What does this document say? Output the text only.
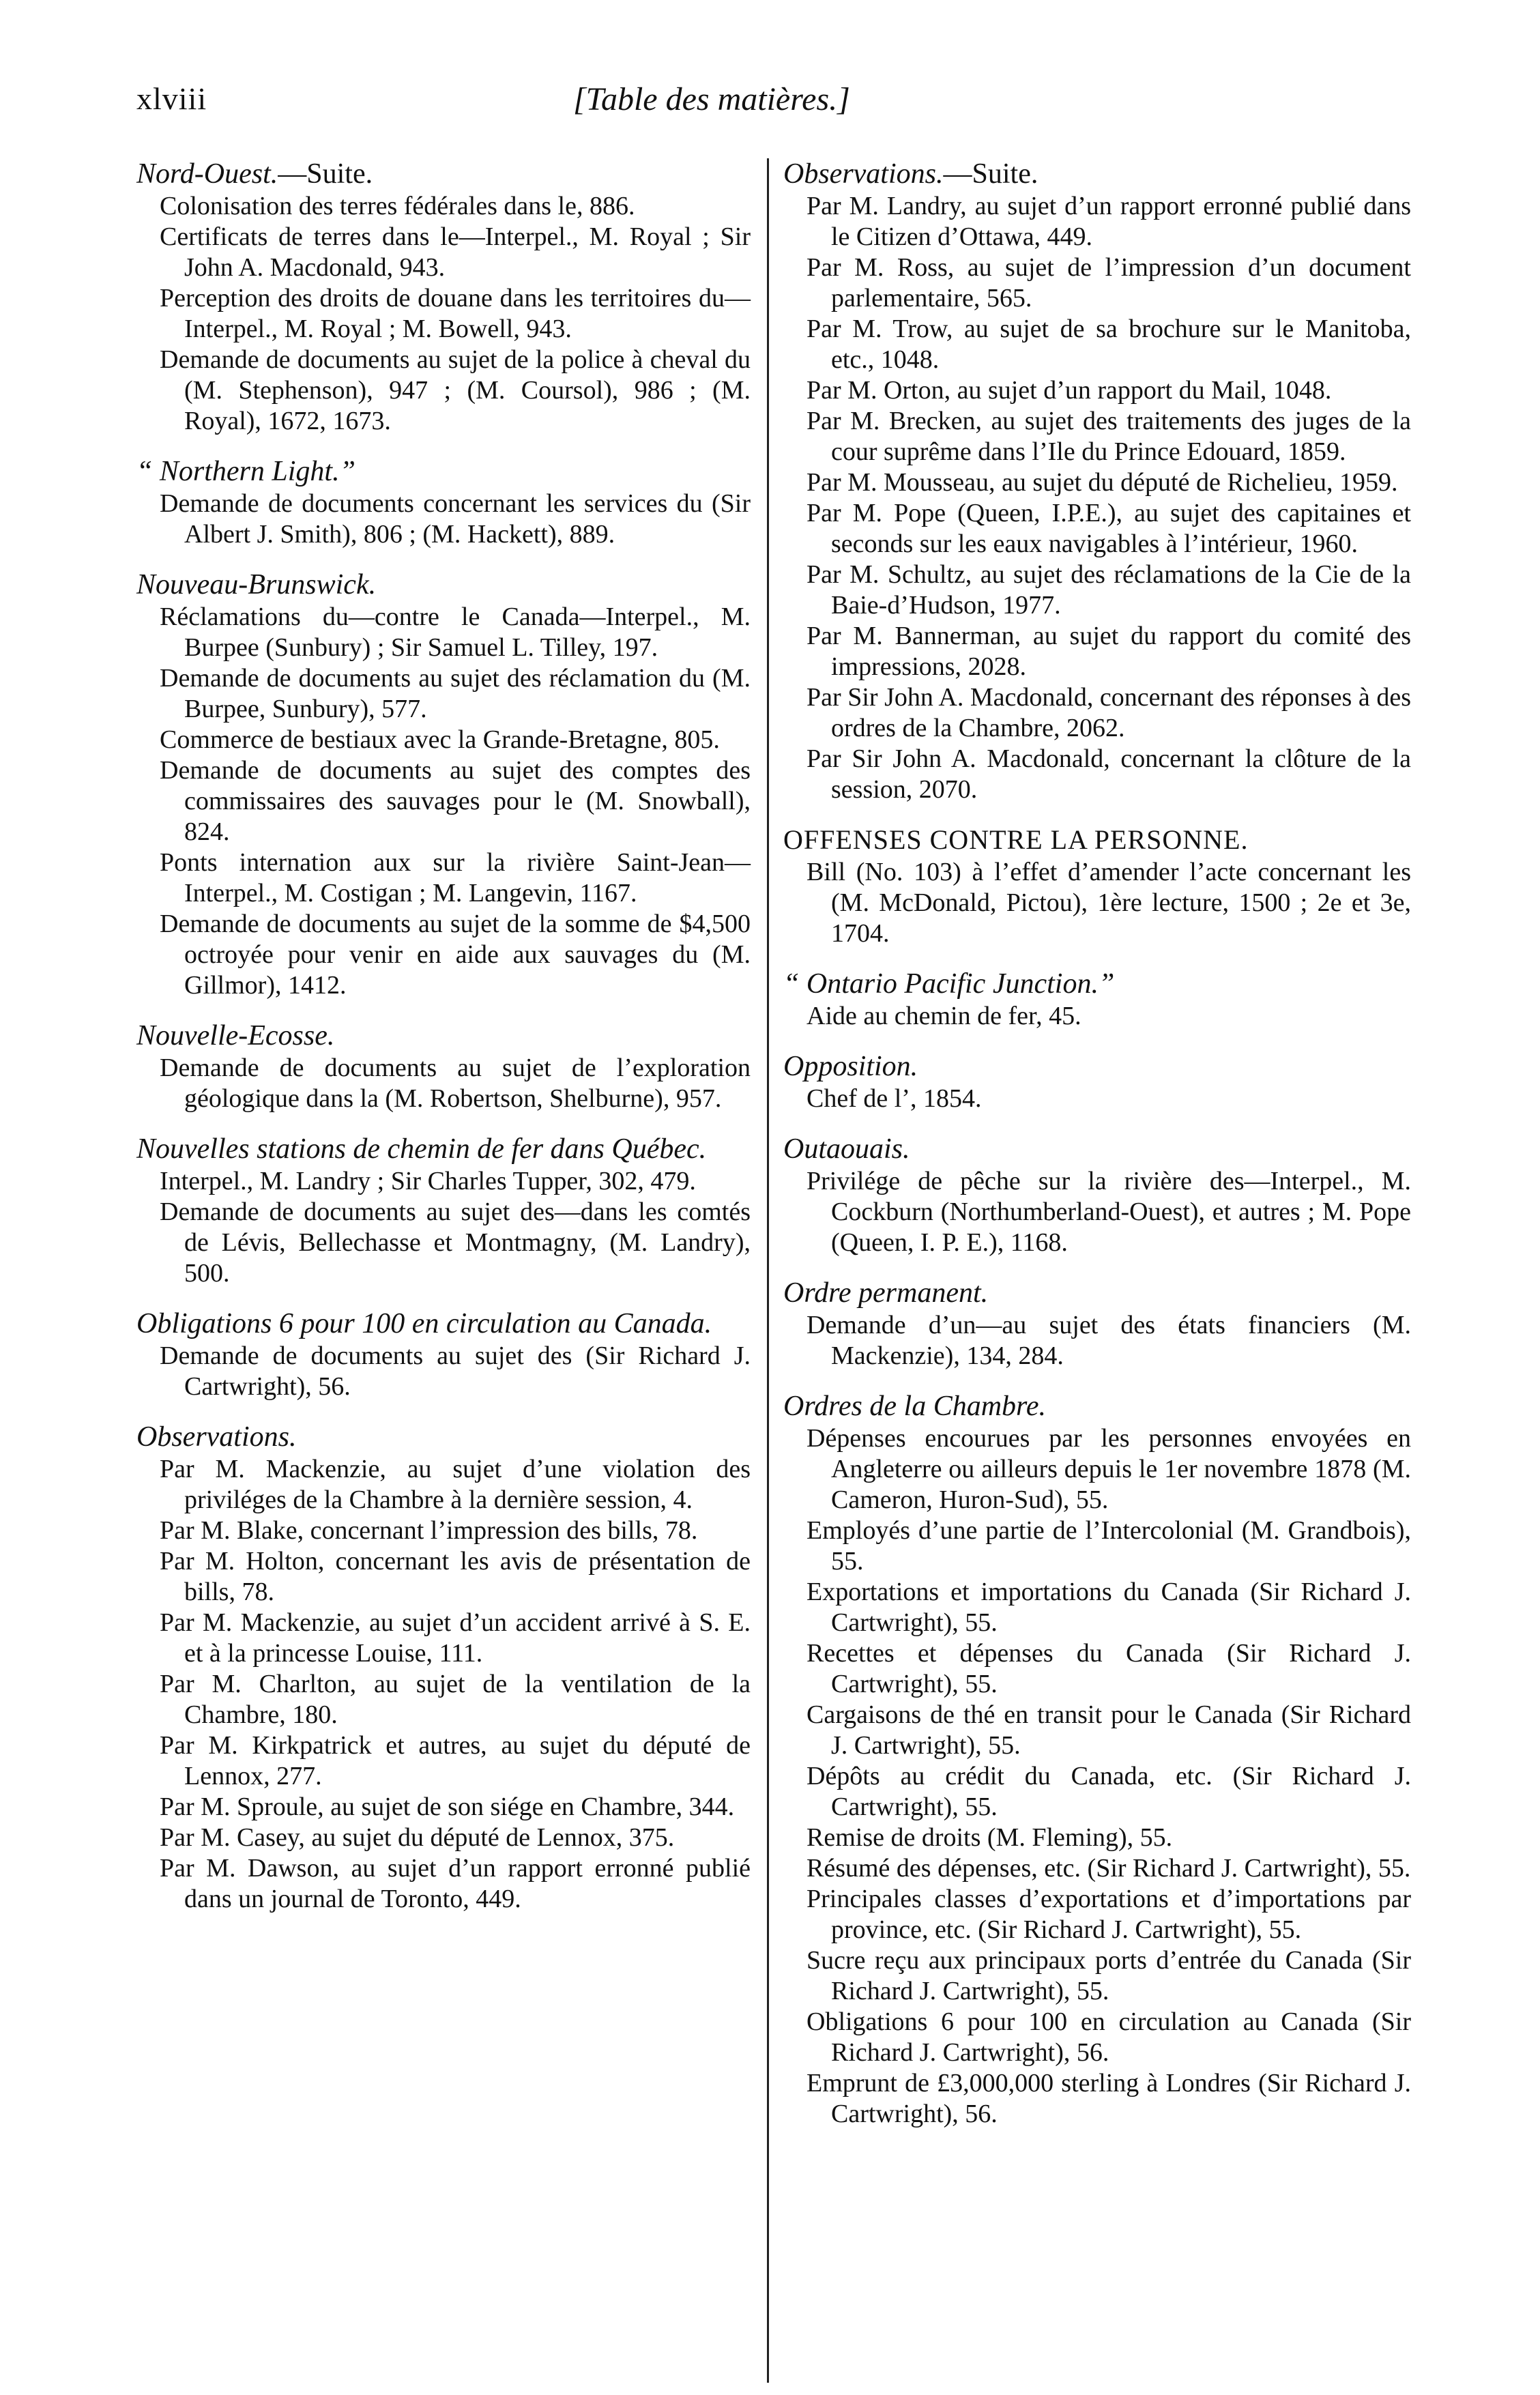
xlviii	[Table des matières.]
Nord-Ouest.—Suite.

Colonisation des terres fédérales dans le, 886.

Certificats de terres dans le—Interpel., M. Royal ; Sir John A. Macdonald, 943.

Perception des droits de douane dans les territoires du—Interpel., M. Royal ; M. Bowell, 943.

Demande de documents au sujet de la police à cheval du (M. Stephenson), 947 ; (M. Coursol), 986 ; (M. Royal), 1672, 1673.

“ Northern Light.”

Demande de documents concernant les services du (Sir Albert J. Smith), 806 ; (M. Hackett), 889.

Nouveau-Brunswick.

Réclamations du—contre le Canada—Interpel., M. Burpee (Sunbury) ; Sir Samuel L. Tilley, 197.

Demande de documents au sujet des réclamation du (M. Burpee, Sunbury), 577.

Commerce de bestiaux avec la Grande-Bretagne, 805.

Demande de documents au sujet des comptes des commissaires des sauvages pour le (M. Snowball), 824.

Ponts internation aux sur la rivière Saint-Jean—Interpel., M. Costigan ; M. Langevin, 1167.

Demande de documents au sujet de la somme de $4,500 octroyée pour venir en aide aux sauvages du (M. Gillmor), 1412.

Nouvelle-Ecosse.

Demande de documents au sujet de l’exploration géologique dans la (M. Robertson, Shelburne), 957.

Nouvelles stations de chemin de fer dans Québec.

Interpel., M. Landry ; Sir Charles Tupper, 302, 479.

Demande de documents au sujet des—dans les comtés de Lévis, Bellechasse et Montmagny, (M. Landry), 500.

Obligations 6 pour 100 en circulation au Canada.

Demande de documents au sujet des (Sir Richard J. Cartwright), 56.

Observations.

Par M. Mackenzie, au sujet d’une violation des priviléges de la Chambre à la dernière session, 4.

Par M. Blake, concernant l’impression des bills, 78.

Par M. Holton, concernant les avis de présentation de bills, 78.

Par M. Mackenzie, au sujet d’un accident arrivé à S. E. et à la princesse Louise, 111.

Par M. Charlton, au sujet de la ventilation de la Chambre, 180.

Par M. Kirkpatrick et autres, au sujet du député de Lennox, 277.

Par M. Sproule, au sujet de son siége en Chambre, 344.

Par M. Casey, au sujet du député de Lennox, 375.

Par M. Dawson, au sujet d’un rapport erronné publié dans un journal de Toronto, 449.

Observations.—Suite.

Par M. Landry, au sujet d’un rapport erronné publié dans le Citizen d’Ottawa, 449.

Par M. Ross, au sujet de l’impression d’un document parlementaire, 565.

Par M. Trow, au sujet de sa brochure sur le Manitoba, etc., 1048.

Par M. Orton, au sujet d’un rapport du Mail, 1048.

Par M. Brecken, au sujet des traitements des juges de la cour suprême dans l’Ile du Prince Edouard, 1859.

Par M. Mousseau, au sujet du député de Richelieu, 1959.

Par M. Pope (Queen, I.P.E.), au sujet des capitaines et seconds sur les eaux navigables à l’intérieur, 1960.

Par M. Schultz, au sujet des réclamations de la Cie de la Baie-d’Hudson, 1977.

Par M. Bannerman, au sujet du rapport du comité des impressions, 2028.

Par Sir John A. Macdonald, concernant des réponses à des ordres de la Chambre, 2062.

Par Sir John A. Macdonald, concernant la clôture de la session, 2070.

OFFENSES CONTRE LA PERSONNE.

Bill (No. 103) à l’effet d’amender l’acte concernant les (M. McDonald, Pictou), 1ère lecture, 1500 ; 2e et 3e, 1704.

“ Ontario Pacific Junction.”

Aide au chemin de fer, 45.

Opposition.

Chef de l’, 1854.

Outaouais.

Privilége de pêche sur la rivière des—Interpel., M. Cockburn (Northumberland-Ouest), et autres ; M. Pope (Queen, I. P. E.), 1168.

Ordre permanent.

Demande d’un—au sujet des états financiers (M. Mackenzie), 134, 284.

Ordres de la Chambre.

Dépenses encourues par les personnes envoyées en Angleterre ou ailleurs depuis le 1er novembre 1878 (M. Cameron, Huron-Sud), 55.

Employés d’une partie de l’Intercolonial (M. Grandbois), 55.

Exportations et importations du Canada (Sir Richard J. Cartwright), 55.

Recettes et dépenses du Canada (Sir Richard J. Cartwright), 55.

Cargaisons de thé en transit pour le Canada (Sir Richard J. Cartwright), 55.

Dépôts au crédit du Canada, etc. (Sir Richard J. Cartwright), 55.

Remise de droits (M. Fleming), 55.

Résumé des dépenses, etc. (Sir Richard J. Cartwright), 55.

Principales classes d’exportations et d’importations par province, etc. (Sir Richard J. Cartwright), 55.

Sucre reçu aux principaux ports d’entrée du Canada (Sir Richard J. Cartwright), 55.

Obligations 6 pour 100 en circulation au Canada (Sir Richard J. Cartwright), 56.

Emprunt de £3,000,000 sterling à Londres (Sir Richard J. Cartwright), 56.
